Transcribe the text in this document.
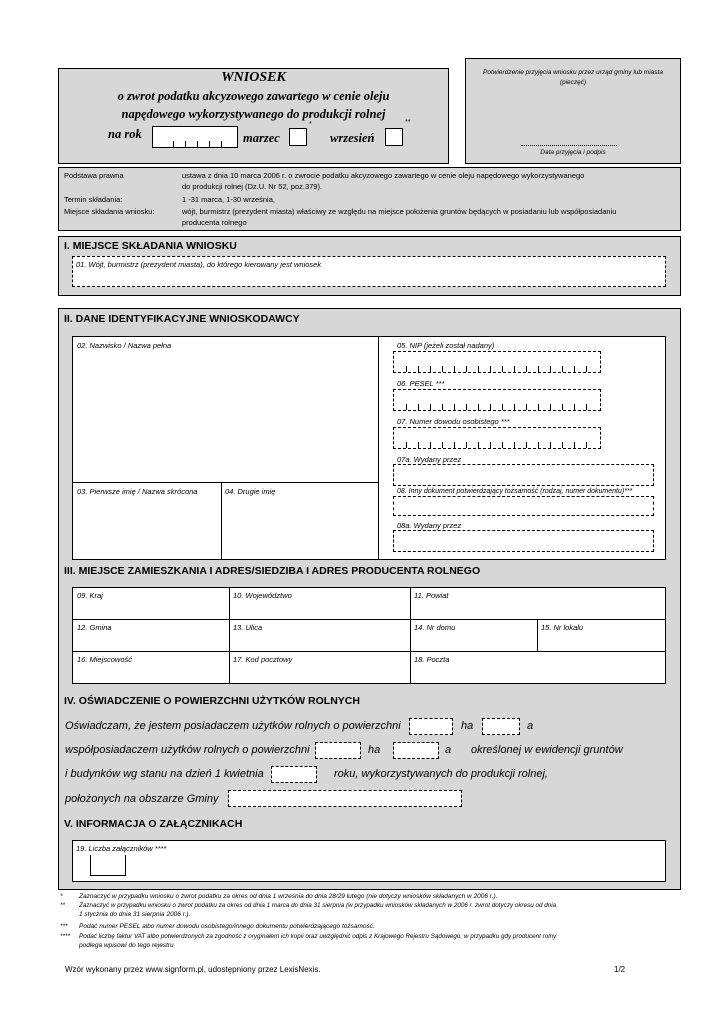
WNIOSEK
o zwrot podatku akcyzowego zawartego w cenie oleju
napędowego wykorzystywanego do produkcji rolnej
na rok	marzec
*
wrzesień
**
Potwierdzenie przyjęcia wniosku przez urząd gminy lub miasta
(pieczęć)
Data przyjęcia i podpis
Podstawa prawna	ustawa z dnia 10 marca 2006 r. o zwrocie podatku akcyzowego zawartego w cenie oleju napędowego wykorzystywanego
do produkcji rolnej (Dz.U. Nr 52, poz.379).
Termin składania:	1 -31 marca, 1-30 września,
Miejsce składania wniosku:	wójt, burmistrz (prezydent miasta) właściwy ze względu na miejsce położenia gruntów będących w posiadaniu lub współposiadaniu
producenta rolnego
I. MIEJSCE SKŁADANIA WNIOSKU
01. Wójt, burmistrz (prezydent miasta), do którego kierowany jest wniosek
II. DANE IDENTYFIKACYJNE WNIOSKODAWCY
02. Nazwisko / Nazwa pełna
03. Pierwsze imię / Nazwa skrócona	04. Drugie imię
05. NIP (jeżeli został nadany)
06. PESEL ***
07. Numer dowodu osobistego ***
07a. Wydany przez
08. Inny dokument potwierdzający tożsamość (rodzaj, numer dokumentu)***
08a. Wydany przez
III. MIEJSCE ZAMIESZKANIA I ADRES/SIEDZIBA I ADRES PRODUCENTA ROLNEGO
09. Kraj	10. Województwo	11. Powiat
12. Gmina	13. Ulica	14. Nr domu	15. Nr lokalu
16. Miejscowość	17. Kod pocztowy	18. Poczta
IV. OŚWIADCZENIE O POWIERZCHNI UŻYTKÓW ROLNYCH
Oświadczam, że jestem posiadaczem użytków rolnych o powierzchni	ha	a
współposiadaczem użytków rolnych o powierzchni	ha	a określonej w ewidencji gruntów
i budynków wg stanu na dzień 1 kwietnia	roku, wykorzystywanych do produkcji rolnej,
położonych na obszarze Gminy
V. INFORMACJA O ZAŁĄCZNIKACH
19. Liczba załączników ****
*	Zaznaczyć w przypadku wniosku o zwrot podatku za okres od dnia 1 września do dnia 28/29 lutego (nie dotyczy wniosków składanych w 2006 r.).
** Zaznaczyć w przypadku wniosku o zwrot podatku za okres od dnia 1 marca do dnia 31 sierpnia (w przypadku wniosków składanych w 2006 r. zwrot dotyczy okresu od dnia
1 stycznia do dnia 31 sierpnia 2006 r.).
*** Podać numer PESEL albo numer dowodu osobistego/innego dokumentu potwierdzającego tożsamość.
**** Podać liczbę faktur VAT albo potwierdzonych za zgodność z oryginałem ich kopii oraz uwzględnić odpis z Krajowego Rejestru Sądowego, w przypadku gdy producent rolny
podlega wpisowi do tego rejestru
Wzór wykonany przez www.signform.pl, udostępniony przez LexisNexis.	1/2
